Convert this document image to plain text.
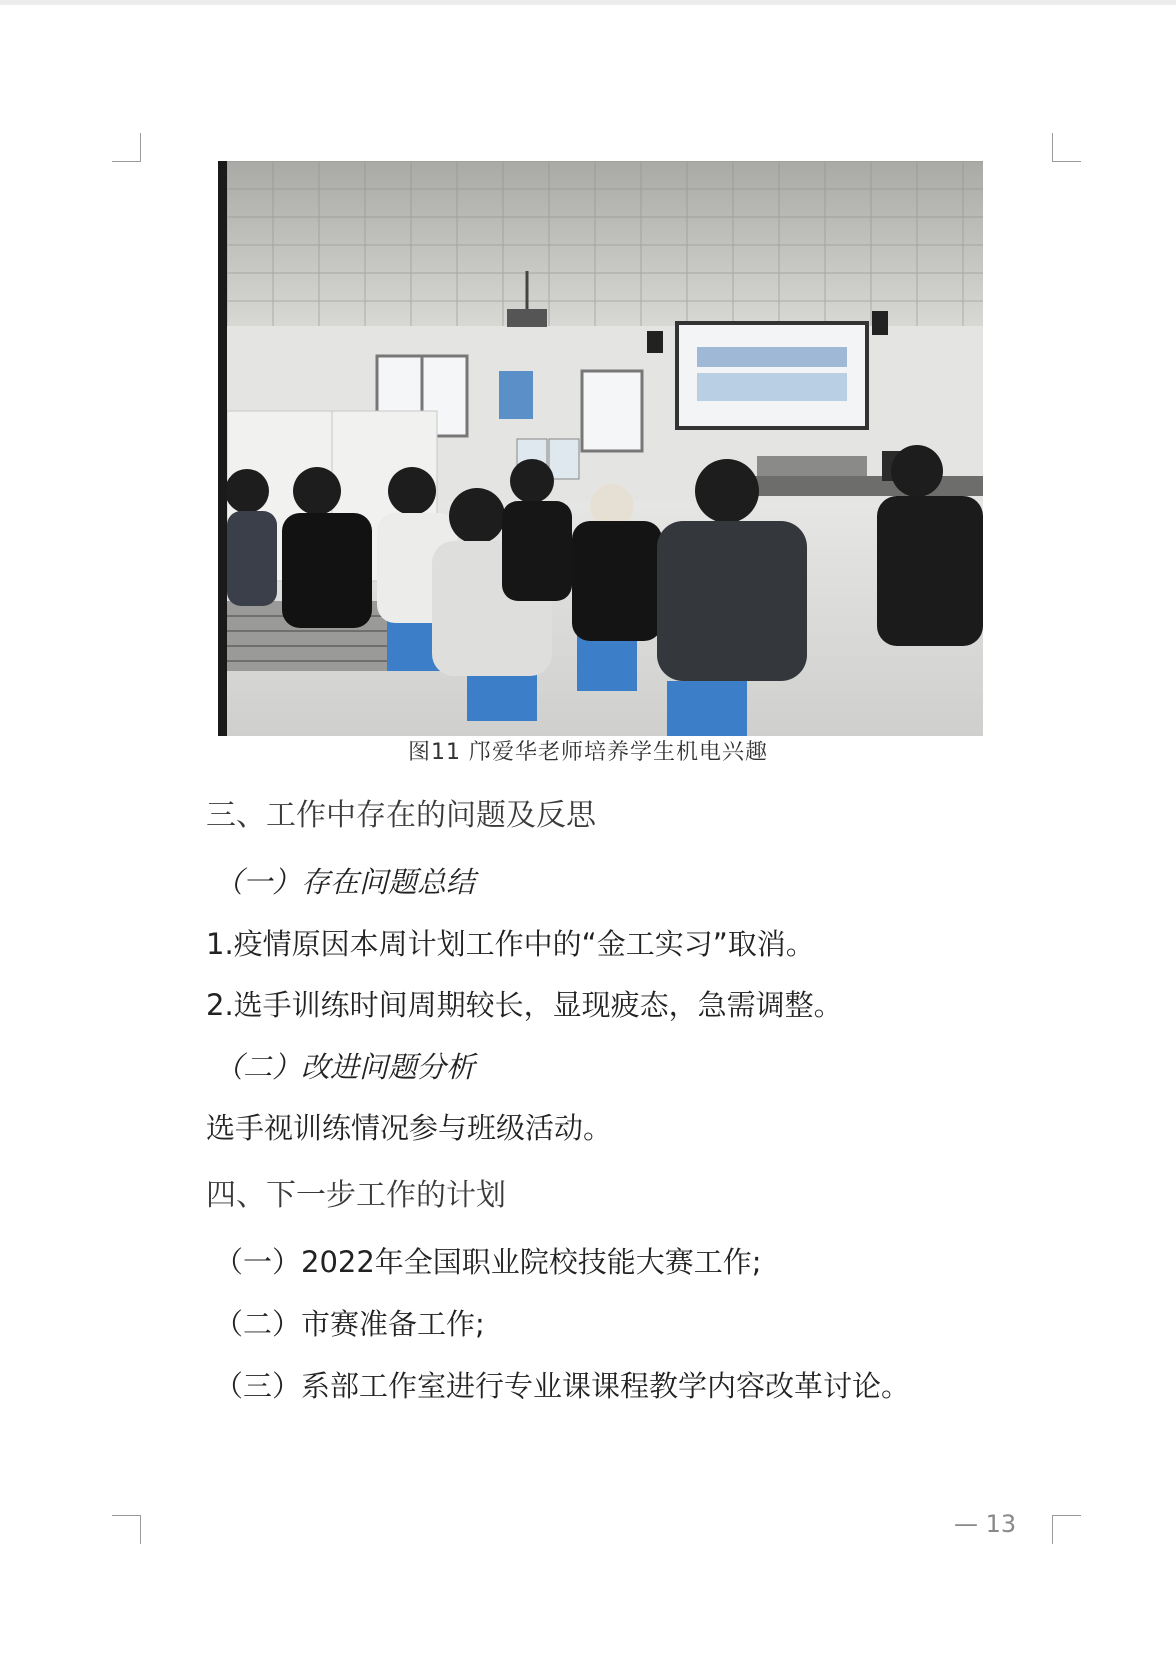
图11 邝爱华老师培养学生机电兴趣
三、工作中存在的问题及反思
（一）存在问题总结
1.疫情原因本周计划工作中的“金工实习”取消。
2.选手训练时间周期较长，显现疲态，急需调整。
（二）改进问题分析
选手视训练情况参与班级活动。
四、下一步工作的计划
（一）2022年全国职业院校技能大赛工作;
（二）市赛准备工作;
（三）系部工作室进行专业课课程教学内容改革讨论。
— 13
